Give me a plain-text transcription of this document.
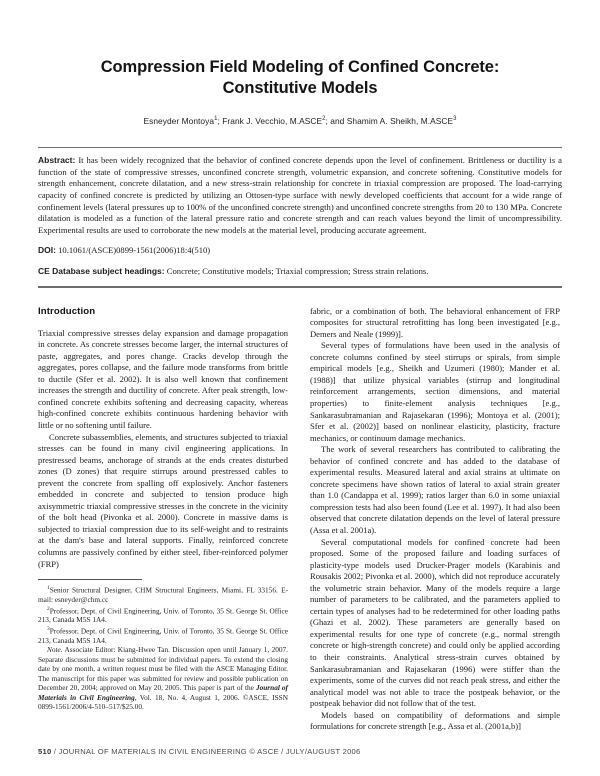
Compression Field Modeling of Confined Concrete:
Constitutive Models

Esneyder Montoya$^1$; Frank J. Vecchio, M.ASCE$^2$; and Shamim A. Sheikh, M.ASCE$^3$

Abstract: It has been widely recognized that the behavior of confined concrete depends upon the level of confinement. Brittleness or ductility is a function of the state of compressive stresses, unconfined concrete strength, volumetric expansion, and concrete softening. Constitutive models for strength enhancement, concrete dilatation, and a new stress-strain relationship for concrete in triaxial compression are proposed. The load-carrying capacity of confined concrete is predicted by utilizing an Ottosen-type surface with newly developed coefficients that account for a wide range of confinement levels (lateral pressures up to 100% of the unconfined concrete strength) and unconfined concrete strengths from 20 to 130 MPa. Concrete dilatation is modeled as a function of the lateral pressure ratio and concrete strength and can reach values beyond the limit of uncompressibility. Experimental results are used to corroborate the new models at the material level, producing accurate agreement.

DOI: 10.1061/(ASCE)0899-1561(2006)18:4(510)

CE Database subject headings: Concrete; Constitutive models; Triaxial compression; Stress strain relations.

Introduction

Triaxial compressive stresses delay expansion and damage propagation in concrete. As concrete stresses become larger, the internal structures of paste, aggregates, and pores change. Cracks develop through the aggregates, pores collapse, and the failure mode transforms from brittle to ductile (Sfer et al. 2002). It is also well known that confinement increases the strength and ductility of concrete. After peak strength, low-confined concrete exhibits softening and decreasing capacity, whereas high-confined concrete exhibits continuous hardening behavior with little or no softening until failure.

Concrete subassemblies, elements, and structures subjected to triaxial stresses can be found in many civil engineering applications. In prestressed beams, anchorage of strands at the ends creates disturbed zones (D zones) that require stirrups around prestressed cables to prevent the concrete from spalling off explosively. Anchor fasteners embedded in concrete and subjected to tension produce high axisymmetric triaxial compressive stresses in the concrete in the vicinity of the bolt head (Pivonka et al. 2000). Concrete in massive dams is subjected to triaxial compression due to its self-weight and to restraints at the dam's base and lateral supports. Finally, reinforced concrete columns are passively confined by either steel, fiber-reinforced polymer (FRP)

$^1$Senior Structural Designer, CHM Structural Engineers, Miami, FL 33156. E-mail: esneyder@chm.cc

$^2$Professor, Dept. of Civil Engineering, Univ. of Toronto, 35 St. George St. Office 213, Canada M5S 1A4.

$^3$Professor, Dept. of Civil Engineering, Univ. of Toronto, 35 St. George St. Office 213, Canada M5S 1A4.

Note. Associate Editor: Kiang-Hwee Tan. Discussion open until January 1, 2007. Separate discussions must be submitted for individual papers. To extend the closing date by one month, a written request must be filed with the ASCE Managing Editor. The manuscript for this paper was submitted for review and possible publication on December 20, 2004; approved on May 20, 2005. This paper is part of the Journal of Materials in Civil Engineering, Vol. 18, No. 4, August 1, 2006. ©ASCE, ISSN 0899-1561/2006/4-510–517/$25.00.

fabric, or a combination of both. The behavioral enhancement of FRP composites for structural retrofitting has long been investigated [e.g., Demers and Neale (1999)].

Several types of formulations have been used in the analysis of concrete columns confined by steel stirrups or spirals, from simple empirical models [e.g., Sheikh and Uzumeri (1980); Mander et al. (1988)] that utilize physical variables (stirrup and longitudinal reinforcement arrangements, section dimensions, and material properties) to finite-element analysis techniques [e.g., Sankarasubramanian and Rajasekaran (1996); Montoya et al. (2001); Sfer et al. (2002)] based on nonlinear elasticity, plasticity, fracture mechanics, or continuum damage mechanics.

The work of several researchers has contributed to calibrating the behavior of confined concrete and has added to the database of experimental results. Measured lateral and axial strains at ultimate on concrete specimens have shown ratios of lateral to axial strain greater than 1.0 (Candappa et al. 1999); ratios larger than 6.0 in some uniaxial compression tests had also been found (Lee et al. 1997). It had also been observed that concrete dilatation depends on the level of lateral pressure (Assa et al. 2001a).

Several computational models for confined concrete had been proposed. Some of the proposed failure and loading surfaces of plasticity-type models used Drucker-Prager models (Karabinis and Rousakis 2002; Pivonka et al. 2000), which did not reproduce accurately the volumetric strain behavior. Many of the models require a large number of parameters to be calibrated, and the parameters applied to certain types of analyses had to be redetermined for other loading paths (Ghazi et al. 2002). These parameters are generally based on experimental results for one type of concrete (e.g., normal strength concrete or high-strength concrete) and could only be applied according to their constraints. Analytical stress-strain curves obtained by Sankarasubramanian and Rajasekaran (1996) were stiffer than the experiments, some of the curves did not reach peak stress, and either the analytical model was not able to trace the postpeak behavior, or the postpeak behavior did not follow that of the test.

Models based on compatibility of deformations and simple formulations for concrete strength [e.g., Assa et al. (2001a,b)]

510 / JOURNAL OF MATERIALS IN CIVIL ENGINEERING © ASCE / JULY/AUGUST 2006
